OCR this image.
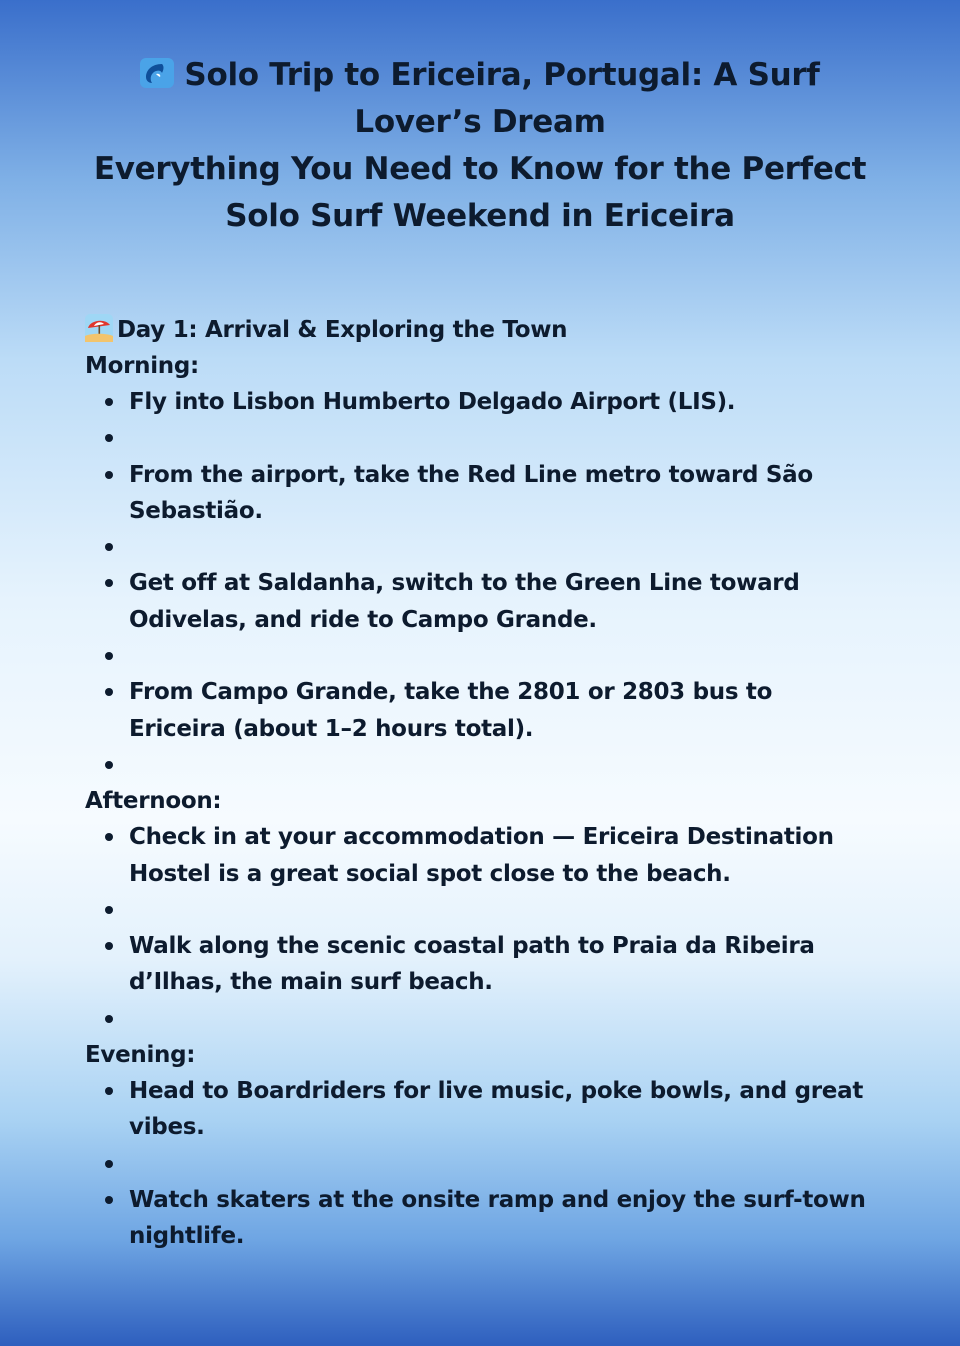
Solo Trip to Ericeira, Portugal: A Surf
Lover’s Dream
Everything You Need to Know for the Perfect
Solo Surf Weekend in Ericeira
Day 1: Arrival & Exploring the Town
Morning:
Fly into Lisbon Humberto Delgado Airport (LIS).
From the airport, take the Red Line metro toward São Sebastião.
Get off at Saldanha, switch to the Green Line toward Odivelas, and ride to Campo Grande.
From Campo Grande, take the 2801 or 2803 bus to Ericeira (about 1–2 hours total).
Afternoon:
Check in at your accommodation — Ericeira Destination Hostel is a great social spot close to the beach.
Walk along the scenic coastal path to Praia da Ribeira d’Ilhas, the main surf beach.
Evening:
Head to Boardriders for live music, poke bowls, and great vibes.
Watch skaters at the onsite ramp and enjoy the surf-town nightlife.
